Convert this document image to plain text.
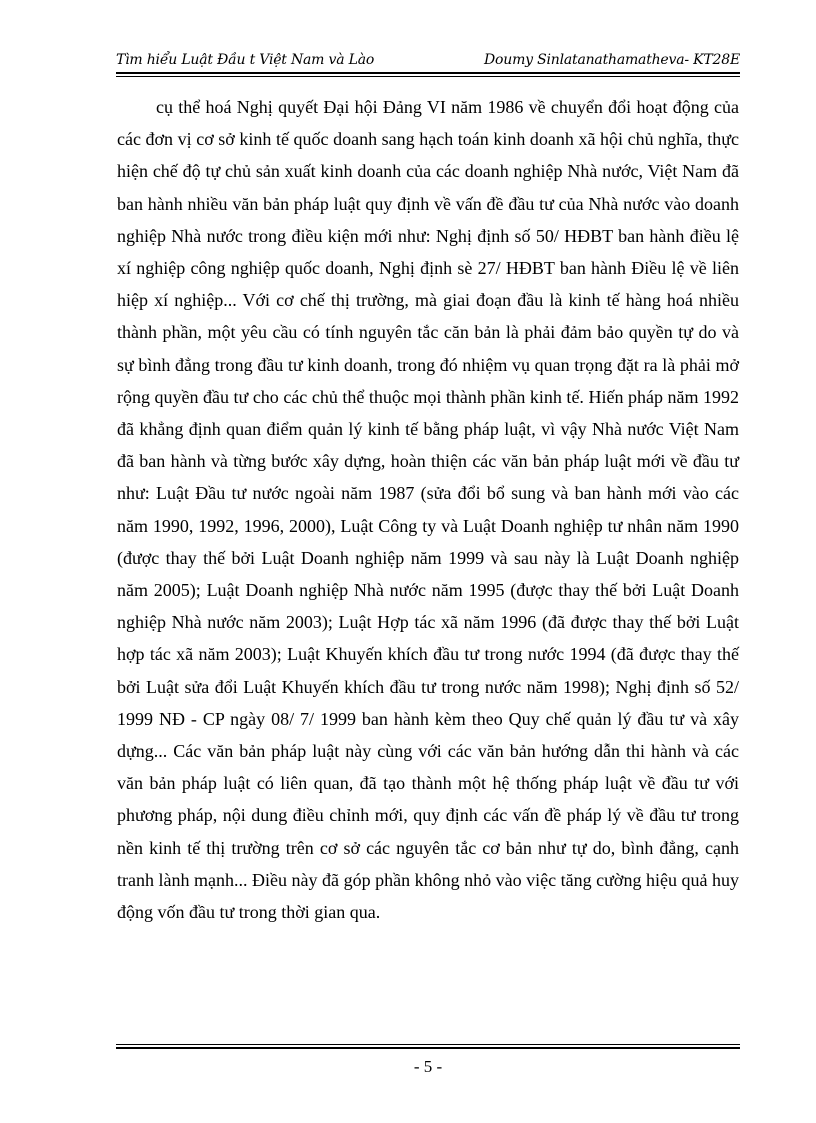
Tìm hiểu Luật Đầu t Việt Nam và Lào	Doumy Sinlatanathamatheva- KT28E

cụ thể hoá Nghị quyết Đại hội Đảng VI năm 1986 về chuyển đổi hoạt động của các đơn vị cơ sở kinh tế quốc doanh sang hạch toán kinh doanh xã hội chủ nghĩa, thực hiện chế độ tự chủ sản xuất kinh doanh của các doanh nghiệp Nhà nước, Việt Nam đã ban hành nhiều văn bản pháp luật quy định về vấn đề đầu tư của Nhà nước vào doanh nghiệp Nhà nước trong điều kiện mới như: Nghị định số 50/ HĐBT ban hành điều lệ xí nghiệp công nghiệp quốc doanh, Nghị định sè 27/ HĐBT ban hành Điều lệ về liên hiệp xí nghiệp... Với cơ chế thị trường, mà giai đoạn đầu là kinh tế hàng hoá nhiều thành phần, một yêu cầu có tính nguyên tắc căn bản là phải đảm bảo quyền tự do và sự bình đẳng trong đầu tư kinh doanh, trong đó nhiệm vụ quan trọng đặt ra là phải mở rộng quyền đầu tư cho các chủ thể thuộc mọi thành phần kinh tế. Hiến pháp năm 1992 đã khẳng định quan điểm quản lý kinh tế bằng pháp luật, vì vậy Nhà nước Việt Nam đã ban hành và từng bước xây dựng, hoàn thiện các văn bản pháp luật mới về đầu tư như: Luật Đầu tư nước ngoài năm 1987 (sửa đổi bổ sung và ban hành mới vào các năm 1990, 1992, 1996, 2000), Luật Công ty và Luật Doanh nghiệp tư nhân năm 1990 (được thay thế bởi Luật Doanh nghiệp năm 1999 và sau này là Luật Doanh nghiệp năm 2005); Luật Doanh nghiệp Nhà nước năm 1995 (được thay thế bởi Luật Doanh nghiệp Nhà nước năm 2003); Luật Hợp tác xã năm 1996 (đã được thay thế bởi Luật hợp tác xã năm 2003); Luật Khuyến khích đầu tư trong nước 1994 (đã được thay thế bởi Luật sửa đổi Luật Khuyến khích đầu tư trong nước năm 1998); Nghị định số 52/ 1999 NĐ - CP ngày 08/ 7/ 1999 ban hành kèm theo Quy chế quản lý đầu tư và xây dựng... Các văn bản pháp luật này cùng với các văn bản hướng dẫn thi hành và các văn bản pháp luật có liên quan, đã tạo thành một hệ thống pháp luật về đầu tư với phương pháp, nội dung điều chỉnh mới, quy định các vấn đề pháp lý về đầu tư trong nền kinh tế thị trường trên cơ sở các nguyên tắc cơ bản như tự do, bình đẳng, cạnh tranh lành mạnh... Điều này đã góp phần không nhỏ vào việc tăng cường hiệu quả huy động vốn đầu tư trong thời gian qua.

- 5 -
